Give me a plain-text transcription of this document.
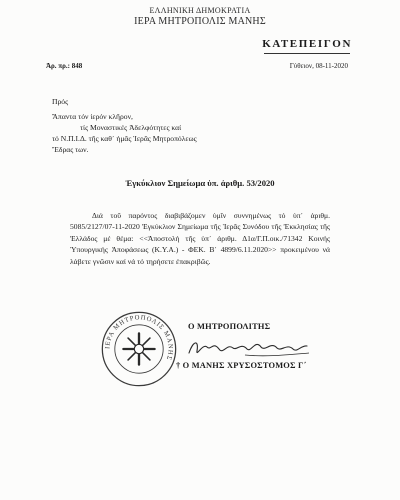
ΕΛΛΗΝΙΚΗ ΔΗΜΟΚΡΑΤΙΑ
ΙΕΡΑ ΜΗΤΡΟΠΟΛΙΣ ΜΑΝΗΣ
ΚΑΤΕΠΕΙΓΟΝ
Ἀρ. πρ.: 848	Γύθειον, 08-11-2020
Πρός
Ἅπαντα τόν ἱερόν κλῆρον,
τίς Μοναστικές Ἀδελφότητες καί
τό Ν.Π.Ι.Δ. τῆς καθ᾽ ἡμᾶς Ἱερᾶς Μητροπόλεως
Ἕδρας των.
Ἐγκύκλιον Σημείωμα ὑπ. ἀριθμ. 53/2020
Διά τοῦ παρόντος διαβιβάζομεν ὑμῖν συννημένως τό ὑπ᾽ ἀριθμ. 5085/2127/07-11-2020 Ἐγκύκλιον Σημείωμα τῆς Ἱερᾶς Συνόδου τῆς Ἐκκλησίας τῆς Ἑλλάδος μέ θέμα: <<Ἀποστολή τῆς ὑπ᾽ ἀριθμ. Δ1α/Γ.Π.οικ./71342 Κοινής Ὑπουργικής Ἀποφάσεως (Κ.Υ.Α.) - ΦΕΚ. Β᾽ 4899/6.11.2020>> προκειμένου νά λάβετε γνῶσιν καί νά τό τηρήσετε ἐπακριβῶς.
ΙΕΡΑ ΜΗΤΡΟΠΟΛΙΣ ΜΑΝΗΣ
Ο ΜΗΤΡΟΠΟΛΙΤΗΣ
† Ο ΜΑΝΗΣ ΧΡΥΣΟΣΤΟΜΟΣ Γ΄
